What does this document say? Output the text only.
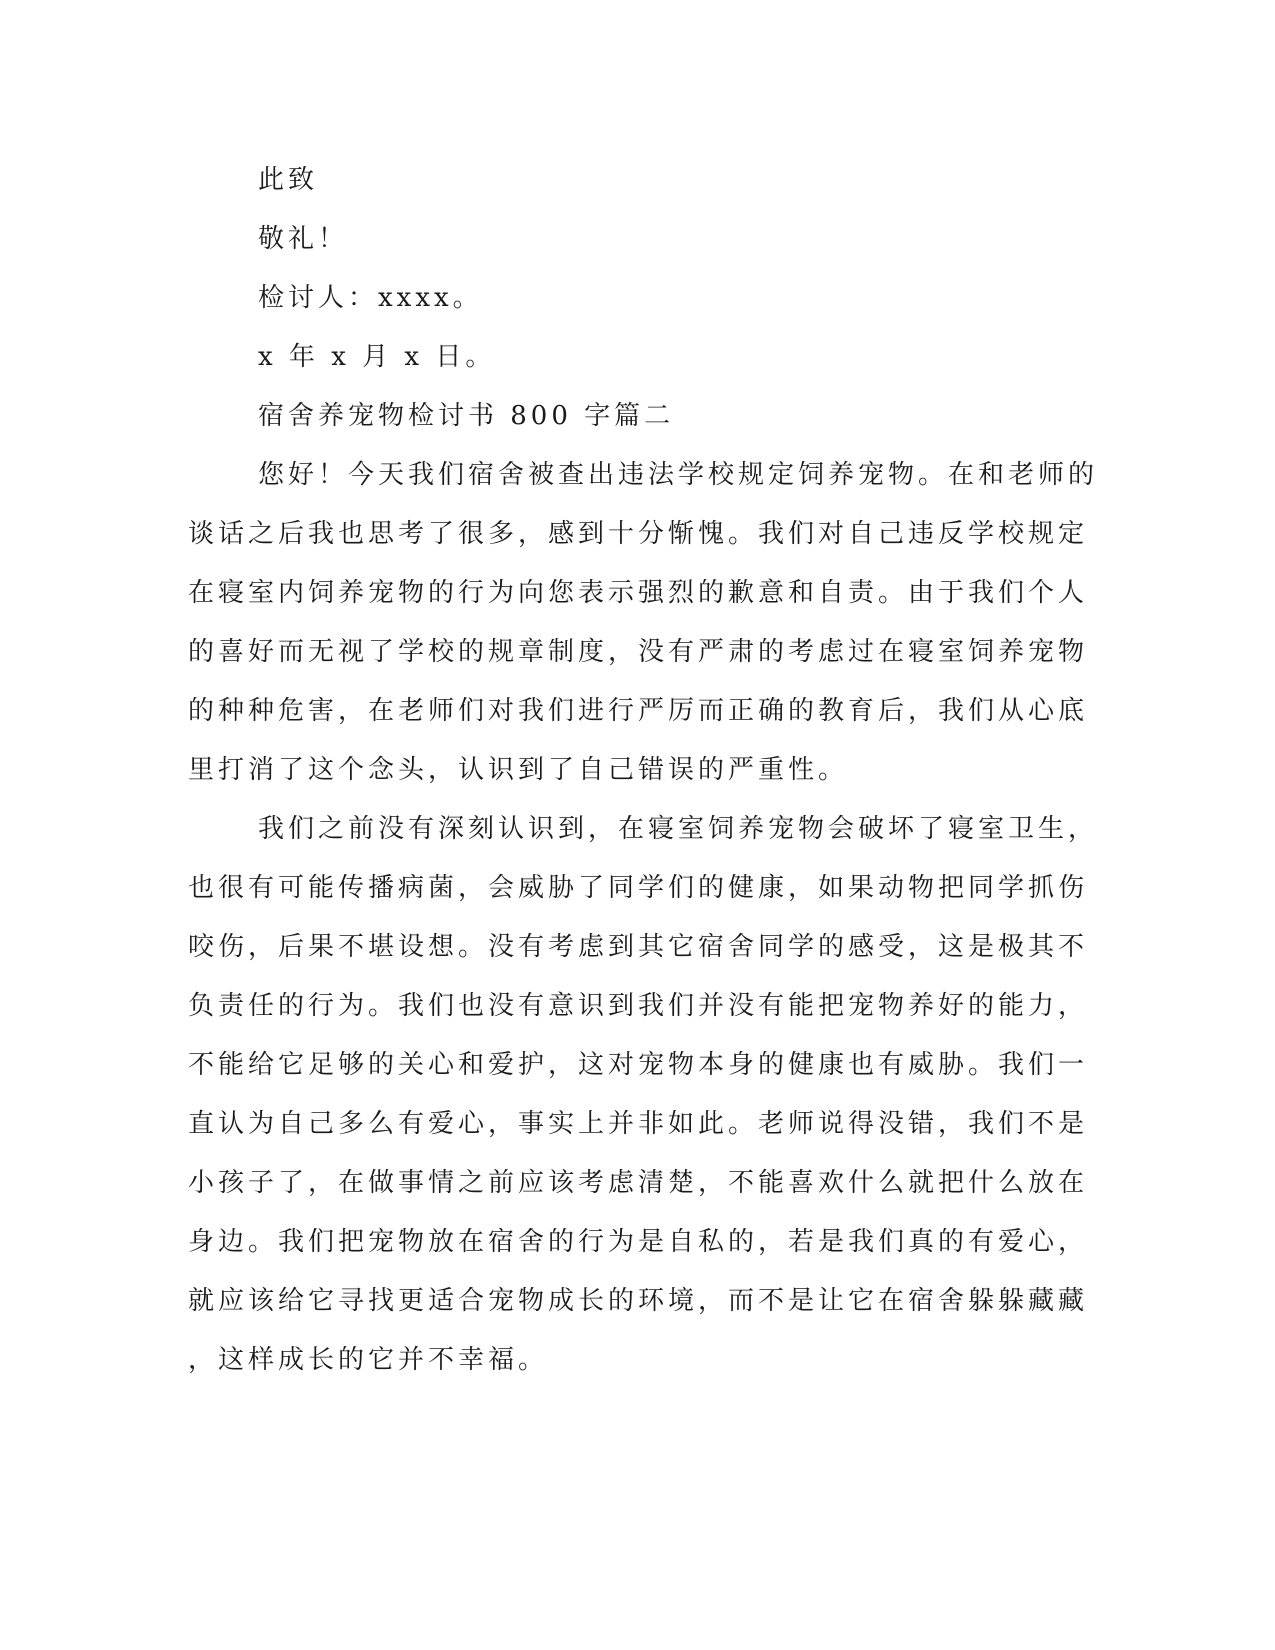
此致
敬礼！
检讨人：xxxx。
x 年 x 月 x 日。
宿舍养宠物检讨书 800 字篇二
您好！今天我们宿舍被查出违法学校规定饲养宠物。在和老师的
谈话之后我也思考了很多，感到十分惭愧。我们对自己违反学校规定
在寝室内饲养宠物的行为向您表示强烈的歉意和自责。由于我们个人
的喜好而无视了学校的规章制度，没有严肃的考虑过在寝室饲养宠物
的种种危害，在老师们对我们进行严厉而正确的教育后，我们从心底
里打消了这个念头，认识到了自己错误的严重性。
我们之前没有深刻认识到，在寝室饲养宠物会破坏了寝室卫生，
也很有可能传播病菌，会威胁了同学们的健康，如果动物把同学抓伤
咬伤，后果不堪设想。没有考虑到其它宿舍同学的感受，这是极其不
负责任的行为。我们也没有意识到我们并没有能把宠物养好的能力，
不能给它足够的关心和爱护，这对宠物本身的健康也有威胁。我们一
直认为自己多么有爱心，事实上并非如此。老师说得没错，我们不是
小孩子了，在做事情之前应该考虑清楚，不能喜欢什么就把什么放在
身边。我们把宠物放在宿舍的行为是自私的，若是我们真的有爱心，
就应该给它寻找更适合宠物成长的环境，而不是让它在宿舍躲躲藏藏
，这样成长的它并不幸福。
